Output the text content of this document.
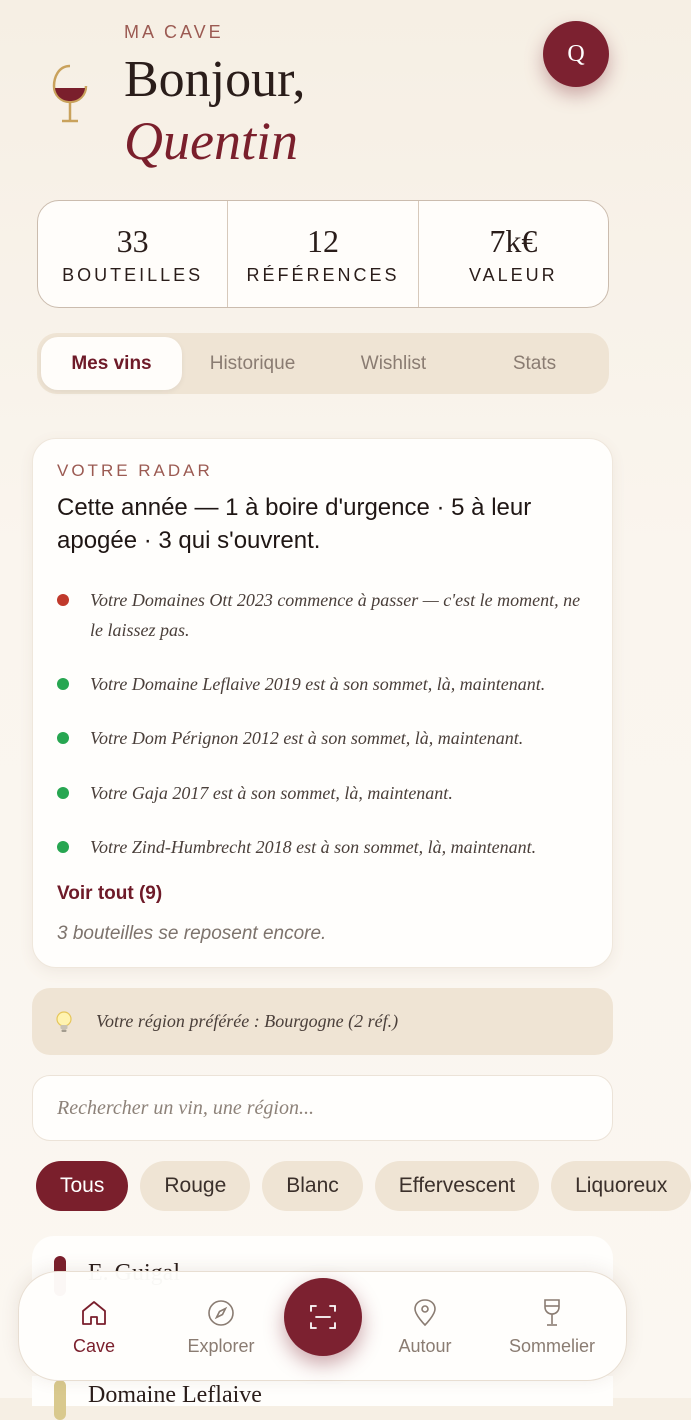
MA CAVE
Bonjour,
Quentin
Q
33
BOUTEILLES
12
RÉFÉRENCES
7k€
VALEUR
Mes vins	Historique	Wishlist	Stats
VOTRE RADAR
Cette année — 1 à boire d'urgence · 5 à leur apogée · 3 qui s'ouvrent.
Votre Domaines Ott 2023 commence à passer — c'est le moment, ne le laissez pas.
Votre Domaine Leflaive 2019 est à son sommet, là, maintenant.
Votre Dom Pérignon 2012 est à son sommet, là, maintenant.
Votre Gaja 2017 est à son sommet, là, maintenant.
Votre Zind-Humbrecht 2018 est à son sommet, là, maintenant.
Voir tout (9)
3 bouteilles se reposent encore.
Votre région préférée : Bourgogne (2 réf.)
Rechercher un vin, une région...
Tous	Rouge	Blanc	Effervescent	Liquoreux
Domaine Leflaive
Cave	Explorer	Autour	Sommelier
